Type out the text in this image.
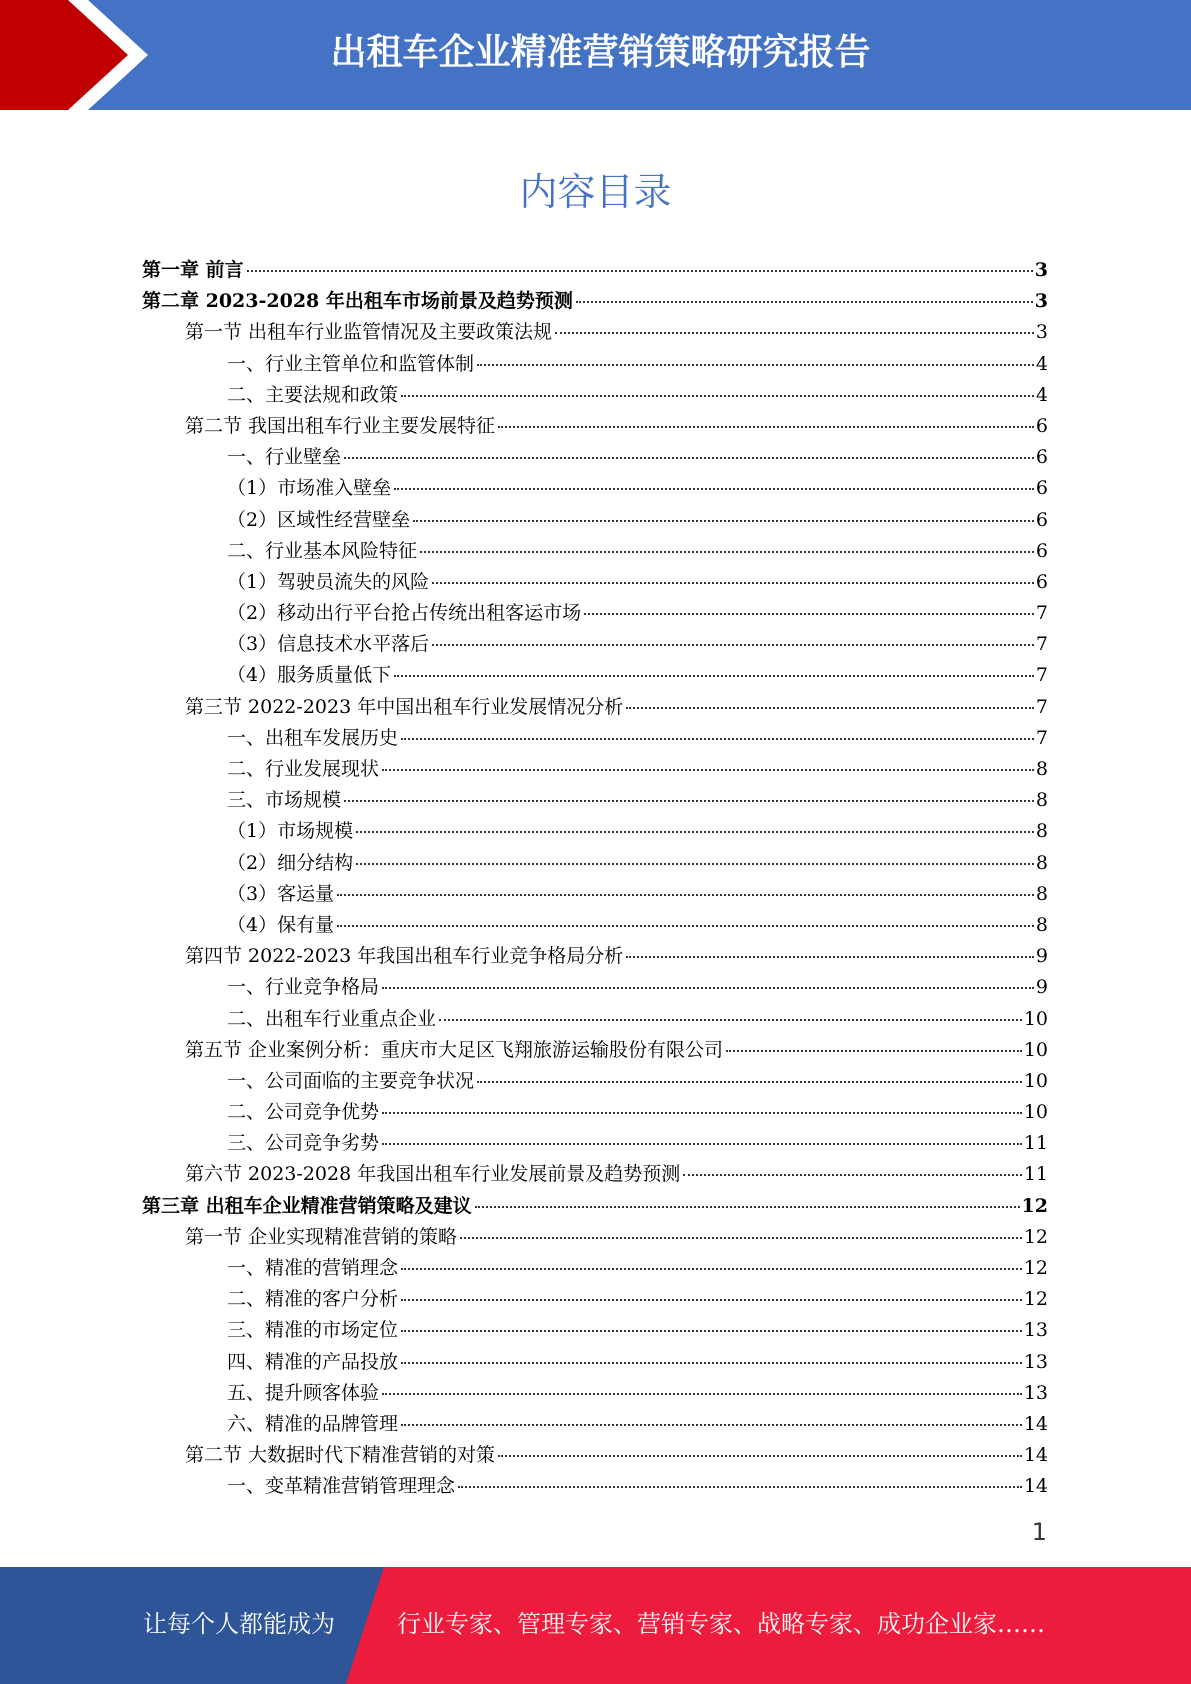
出租车企业精准营销策略研究报告
内容目录
第一章 前言	3
第二章 2023-2028 年出租车市场前景及趋势预测	3
第一节 出租车行业监管情况及主要政策法规	3
一、行业主管单位和监管体制	4
二、主要法规和政策	4
第二节 我国出租车行业主要发展特征	6
一、行业壁垒	6
（1）市场准入壁垒	6
（2）区域性经营壁垒	6
二、行业基本风险特征	6
（1）驾驶员流失的风险	6
（2）移动出行平台抢占传统出租客运市场	7
（3）信息技术水平落后	7
（4）服务质量低下	7
第三节 2022-2023 年中国出租车行业发展情况分析	7
一、出租车发展历史	7
二、行业发展现状	8
三、市场规模	8
（1）市场规模	8
（2）细分结构	8
（3）客运量	8
（4）保有量	8
第四节 2022-2023 年我国出租车行业竞争格局分析	9
一、行业竞争格局	9
二、出租车行业重点企业	10
第五节 企业案例分析：重庆市大足区飞翔旅游运输股份有限公司	10
一、公司面临的主要竞争状况	10
二、公司竞争优势	10
三、公司竞争劣势	11
第六节 2023-2028 年我国出租车行业发展前景及趋势预测	11
第三章 出租车企业精准营销策略及建议	12
第一节 企业实现精准营销的策略	12
一、精准的营销理念	12
二、精准的客户分析	12
三、精准的市场定位	13
四、精准的产品投放	13
五、提升顾客体验	13
六、精准的品牌管理	14
第二节 大数据时代下精准营销的对策	14
一、变革精准营销管理理念	14
1
让每个人都能成为	行业专家、管理专家、营销专家、战略专家、成功企业家……
